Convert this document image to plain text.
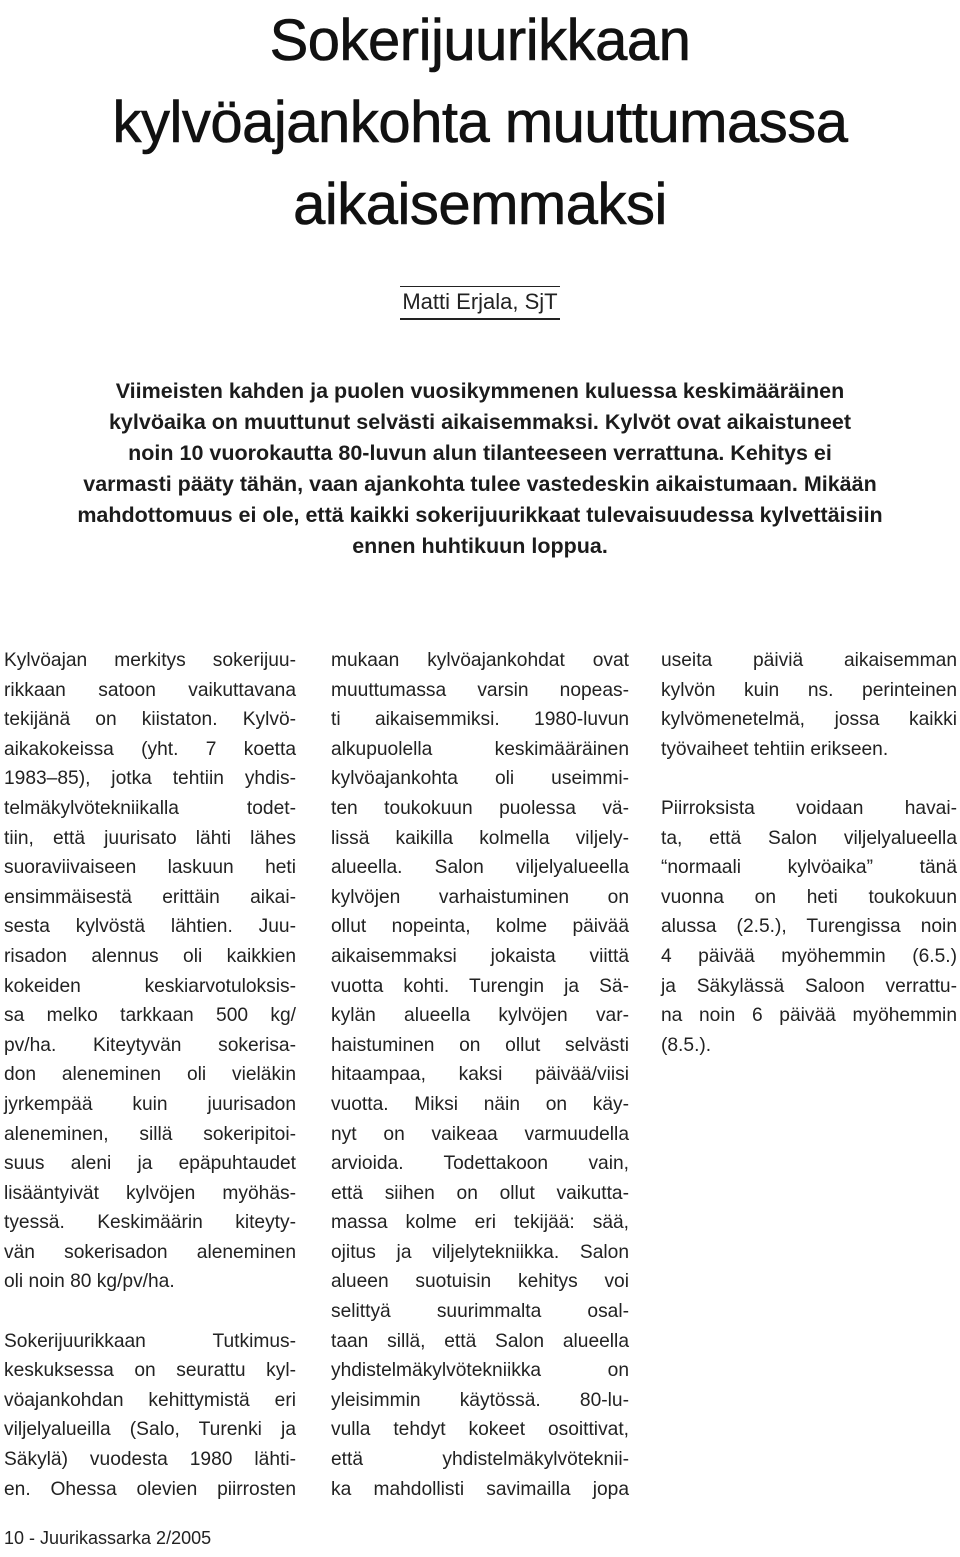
Sokerijuurikkaan
kylvöajankohta muuttumassa
aikaisemmaksi
Matti Erjala, SjT

Viimeisten kahden ja puolen vuosikymmenen kuluessa keskimääräinen
kylvöaika on muuttunut selvästi aikaisemmaksi. Kylvöt ovat aikaistuneet
noin 10 vuorokautta 80-luvun alun tilanteeseen verrattuna. Kehitys ei
varmasti pääty tähän, vaan ajankohta tulee vastedeskin aikaistumaan. Mikään
mahdottomuus ei ole, että kaikki sokerijuurikkaat tulevaisuudessa kylvettäisiin
ennen huhtikuun loppua.

Kylvöajan merkitys sokerijuu-
rikkaan satoon vaikuttavana
tekijänä on kiistaton. Kylvö-
aikakokeissa (yht. 7 koetta
1983–85), jotka tehtiin yhdis-
telmäkylvötekniikalla todet-
tiin, että juurisato lähti lähes
suoraviivaiseen laskuun heti
ensimmäisestä erittäin aikai-
sesta kylvöstä lähtien. Juu-
risadon alennus oli kaikkien
kokeiden keskiarvotuloksis-
sa melko tarkkaan 500 kg/
pv/ha. Kiteytyvän sokerisa-
don aleneminen oli vieläkin
jyrkempää kuin juurisadon
aleneminen, sillä sokeripitoi-
suus aleni ja epäpuhtaudet
lisääntyivät kylvöjen myöhäs-
tyessä. Keskimäärin kiteyty-
vän sokerisadon aleneminen
oli noin 80 kg/pv/ha.
Sokerijuurikkaan Tutkimus-
keskuksessa on seurattu kyl-
vöajankohdan kehittymistä eri
viljelyalueilla (Salo, Turenki ja
Säkylä) vuodesta 1980 lähti-
en. Ohessa olevien piirrosten
mukaan kylvöajankohdat ovat
muuttumassa varsin nopeas-
ti aikaisemmiksi. 1980-luvun
alkupuolella keskimääräinen
kylvöajankohta oli useimmi-
ten toukokuun puolessa vä-
lissä kaikilla kolmella viljely-
alueella. Salon viljelyalueella
kylvöjen varhaistuminen on
ollut nopeinta, kolme päivää
aikaisemmaksi jokaista viittä
vuotta kohti. Turengin ja Sä-
kylän alueella kylvöjen var-
haistuminen on ollut selvästi
hitaampaa, kaksi päivää/viisi
vuotta. Miksi näin on käy-
nyt on vaikeaa varmuudella
arvioida. Todettakoon vain,
että siihen on ollut vaikutta-
massa kolme eri tekijää: sää,
ojitus ja viljelytekniikka. Salon
alueen suotuisin kehitys voi
selittyä suurimmalta osal-
taan sillä, että Salon alueella
yhdistelmäkylvötekniikka on
yleisimmin käytössä. 80-lu-
vulla tehdyt kokeet osoittivat,
että yhdistelmäkylvöteknii-
ka mahdollisti savimailla jopa
useita päiviä aikaisemman
kylvön kuin ns. perinteinen
kylvömenetelmä, jossa kaikki
työvaiheet tehtiin erikseen.
Piirroksista voidaan havai-
ta, että Salon viljelyalueella
“normaali kylvöaika” tänä
vuonna on heti toukokuun
alussa (2.5.), Turengissa noin
4 päivää myöhemmin (6.5.)
ja Säkylässä Saloon verrattu-
na noin 6 päivää myöhemmin
(8.5.).
10 - Juurikassarka 2/2005
